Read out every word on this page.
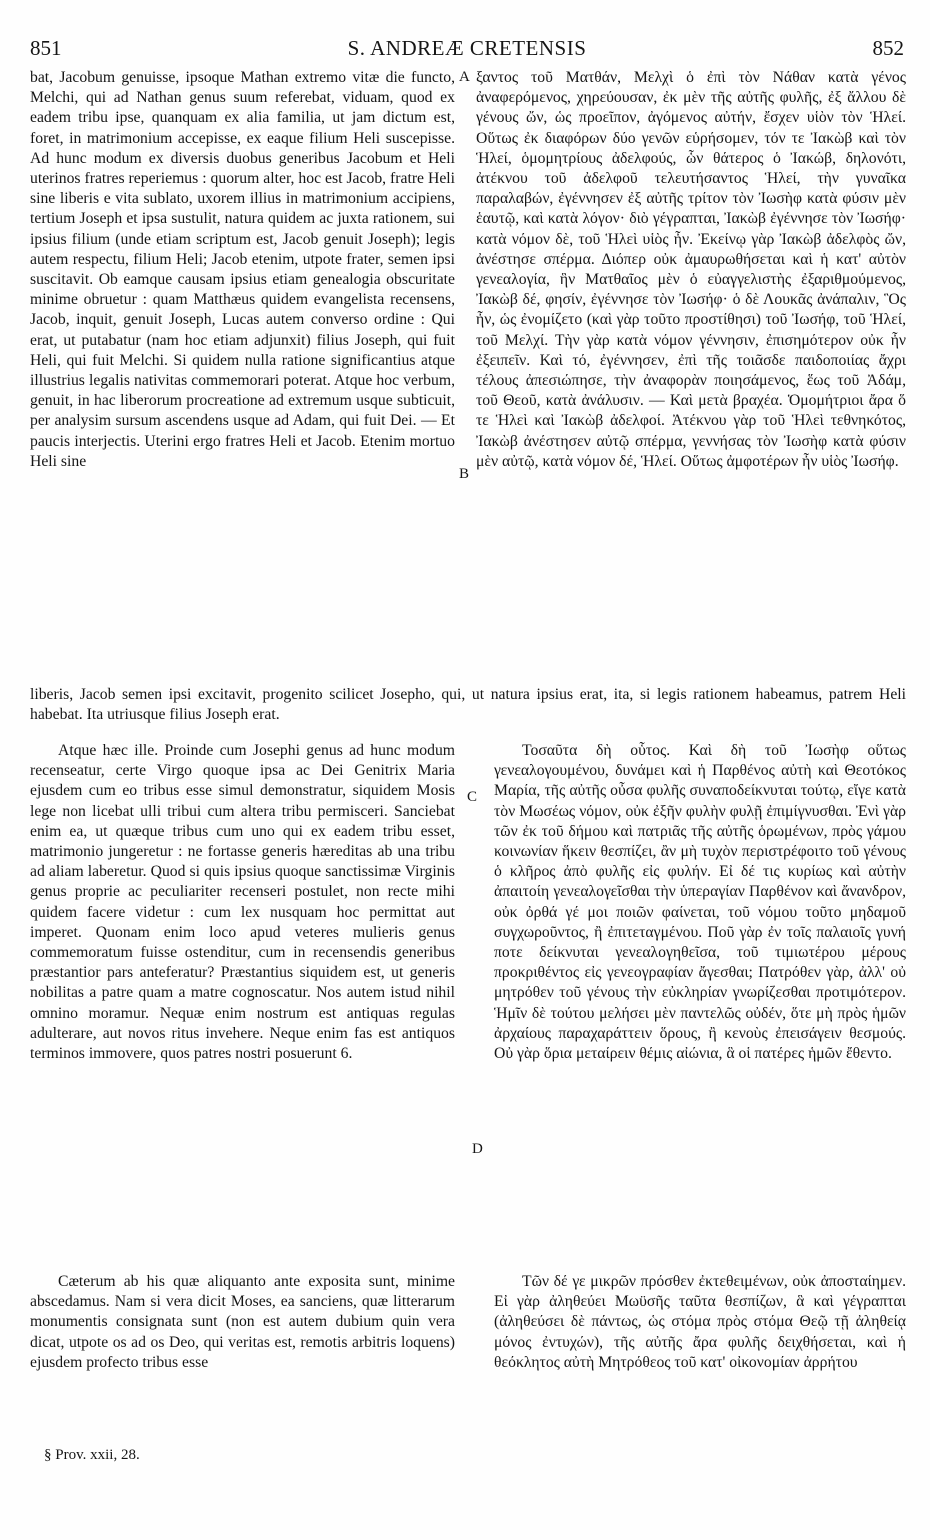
851	S. ANDREÆ CRETENSIS	852

bat, Jacobum genuisse, ipsoque Mathan extremo vitæ die functo, Melchi, qui ad Nathan genus suum referebat, viduam, quod ex eadem tribu ipse, quanquam ex alia familia, ut jam dictum est, foret, in matrimonium accepisse, ex eaque filium Heli suscepisse. Ad hunc modum ex diversis duobus generibus Jacobum et Heli uterinos fratres reperiemus : quorum alter, hoc est Jacob, fratre Heli sine liberis e vita sublato, uxorem illius in matrimonium accipiens, tertium Joseph et ipsa sustulit, natura quidem ac juxta rationem, sui ipsius filium (unde etiam scriptum est, Jacob genuit Joseph); legis autem respectu, filium Heli; Jacob etenim, utpote frater, semen ipsi suscitavit. Ob eamque causam ipsius etiam genealogia obscuritate minime obruetur : quam Matthæus quidem evangelista recensens, Jacob, inquit, genuit Joseph, Lucas autem converso ordine : Qui erat, ut putabatur (nam hoc etiam adjunxit) filius Joseph, qui fuit Heli, qui fuit Melchi. Si quidem nulla ratione significantius atque illustrius legalis nativitas commemorari poterat. Atque hoc verbum, genuit, in hac liberorum procreatione ad extremum usque subticuit, per analysim sursum ascendens usque ad Adam, qui fuit Dei. — Et paucis interjectis. Uterini ergo fratres Heli et Jacob. Etenim mortuo Heli sine

ξαντος τοῦ Ματθάν, Μελχὶ ὁ ἐπὶ τὸν Νάθαν κατὰ γένος ἀναφερόμενος, χηρεύουσαν, ἐκ μὲν τῆς αὐτῆς φυλῆς, ἐξ ἄλλου δὲ γένους ὤν, ὡς προεῖπον, ἀγόμενος αὐτήν, ἔσχεν υἱὸν τὸν Ἡλεί. Οὕτως ἐκ διαφόρων δύο γενῶν εὑρήσομεν, τόν τε Ἰακὼβ καὶ τὸν Ἡλεί, ὁμομητρίους ἀδελφούς, ὧν θάτερος ὁ Ἰακώβ, δηλονότι, ἀτέκνου τοῦ ἀδελφοῦ τελευτήσαντος Ἡλεί, τὴν γυναῖκα παραλαβών, ἐγέννησεν ἐξ αὐτῆς τρίτον τὸν Ἰωσὴφ κατὰ φύσιν μὲν ἑαυτῷ, καὶ κατὰ λόγον· διὸ γέγραπται, Ἰακὼβ ἐγέννησε τὸν Ἰωσήφ· κατὰ νόμον δὲ, τοῦ Ἡλεὶ υἱὸς ἦν. Ἐκείνῳ γὰρ Ἰακὼβ ἀδελφὸς ὤν, ἀνέστησε σπέρμα. Διόπερ οὐκ ἀμαυρωθήσεται καὶ ἡ κατ' αὐτὸν γενεαλογία, ἣν Ματθαῖος μὲν ὁ εὐαγγελιστὴς ἐξαριθμούμενος, Ἰακὼβ δέ, φησίν, ἐγέννησε τὸν Ἰωσήφ· ὁ δὲ Λουκᾶς ἀνάπαλιν, Ὃς ἦν, ὡς ἐνομίζετο (καὶ γὰρ τοῦτο προστίθησι) τοῦ Ἰωσήφ, τοῦ Ἡλεί, τοῦ Μελχί. Τὴν γὰρ κατὰ νόμον γέννησιν, ἐπισημότερον οὐκ ἦν ἐξειπεῖν. Καὶ τό, ἐγέννησεν, ἐπὶ τῆς τοιᾶσδε παιδοποιίας ἄχρι τέλους ἀπεσιώπησε, τὴν ἀναφορὰν ποιησάμενος, ἕως τοῦ Ἀδάμ, τοῦ Θεοῦ, κατὰ ἀνάλυσιν. — Καὶ μετὰ βραχέα. Ὁμομήτριοι ἄρα ὅ τε Ἡλεὶ καὶ Ἰακὼβ ἀδελφοί. Ἀτέκνου γὰρ τοῦ Ἡλεὶ τεθνηκότος, Ἰακὼβ ἀνέστησεν αὐτῷ σπέρμα, γεννήσας τὸν Ἰωσὴφ κατὰ φύσιν μὲν αὐτῷ, κατὰ νόμον δέ, Ἡλεί. Οὕτως ἀμφοτέρων ἦν υἱὸς Ἰωσήφ.

A
B

liberis, Jacob semen ipsi excitavit, progenito scilicet Josepho, qui, ut natura ipsius erat, ita, si legis rationem habeamus, patrem Heli habebat. Ita utriusque filius Joseph erat.

Atque hæc ille. Proinde cum Josephi genus ad hunc modum recenseatur, certe Virgo quoque ipsa ac Dei Genitrix Maria ejusdem cum eo tribus esse simul demonstratur, siquidem Mosis lege non licebat ulli tribui cum altera tribu permisceri. Sanciebat enim ea, ut quæque tribus cum uno qui ex eadem tribu esset, matrimonio jungeretur : ne fortasse generis hæreditas ab una tribu ad aliam laberetur. Quod si quis ipsius quoque sanctissimæ Virginis genus proprie ac peculiariter recenseri postulet, non recte mihi quidem facere videtur : cum lex nusquam hoc permittat aut imperet. Quonam enim loco apud veteres mulieris genus commemoratum fuisse ostenditur, cum in recensendis generibus præstantior pars anteferatur? Præstantius siquidem est, ut generis nobilitas a patre quam a matre cognoscatur. Nos autem istud nihil omnino moramur. Nequæ enim nostrum est antiquas regulas adulterare, aut novos ritus invehere. Neque enim fas est antiquos terminos immovere, quos patres nostri posuerunt 6.

Τοσαῦτα δὴ οὗτος. Καὶ δὴ τοῦ Ἰωσὴφ οὕτως γενεαλογουμένου, δυνάμει καὶ ἡ Παρθένος αὐτὴ καὶ Θεοτόκος Μαρία, τῆς αὐτῆς οὖσα φυλῆς συναποδείκνυται τούτῳ, εἴγε κατὰ τὸν Μωσέως νόμον, οὐκ ἐξῆν φυλὴν φυλῇ ἐπιμίγνυσθαι. Ἐνὶ γὰρ τῶν ἐκ τοῦ δήμου καὶ πατριᾶς τῆς αὐτῆς ὁρωμένων, πρὸς γάμου κοινωνίαν ἥκειν θεσπίζει, ἂν μὴ τυχὸν περιστρέφοιτο τοῦ γένους ὁ κλῆρος ἀπὸ φυλῆς εἰς φυλήν. Εἰ δέ τις κυρίως καὶ αὐτὴν ἀπαιτοίη γενεαλογεῖσθαι τὴν ὑπεραγίαν Παρθένον καὶ ἄνανδρον, οὐκ ὀρθά γέ μοι ποιῶν φαίνεται, τοῦ νόμου τοῦτο μηδαμοῦ συγχωροῦντος, ἢ ἐπιτεταγμένου. Ποῦ γὰρ ἐν τοῖς παλαιοῖς γυνή ποτε δείκνυται γενεαλογηθεῖσα, τοῦ τιμιωτέρου μέρους προκριθέντος εἰς γενεογραφίαν ἄγεσθαι; Πατρόθεν γὰρ, ἀλλ' οὐ μητρόθεν τοῦ γένους τὴν εὐκληρίαν γνωρίζεσθαι προτιμότερον. Ἡμῖν δὲ τούτου μελήσει μὲν παντελῶς οὐδέν, ὅτε μὴ πρὸς ἡμῶν ἀρχαίους παραχαράττειν ὅρους, ἢ κενοὺς ἐπεισάγειν θεσμούς. Οὐ γὰρ ὅρια μεταίρειν θέμις αἰώνια, ἃ οἱ πατέρες ἡμῶν ἔθεντο.

C
D

Cæterum ab his quæ aliquanto ante exposita sunt, minime abscedamus. Nam si vera dicit Moses, ea sanciens, quæ litterarum monumentis consignata sunt (non est autem dubium quin vera dicat, utpote os ad os Deo, qui veritas est, remotis arbitris loquens) ejusdem profecto tribus esse

Τῶν δέ γε μικρῶν πρόσθεν ἐκτεθειμένων, οὐκ ἀποσταίημεν. Εἰ γὰρ ἀληθεύει Μωϋσῆς ταῦτα θεσπίζων, ἃ καὶ γέγραπται (ἀληθεύσει δὲ πάντως, ὡς στόμα πρὸς στόμα Θεῷ τῇ ἀληθείᾳ μόνος ἐντυχών), τῆς αὐτῆς ἄρα φυλῆς δειχθήσεται, καὶ ἡ θεόκλητος αὐτὴ Μητρόθεος τοῦ κατ' οἰκονομίαν ἀρρήτου

§ Prov. xxii, 28.
